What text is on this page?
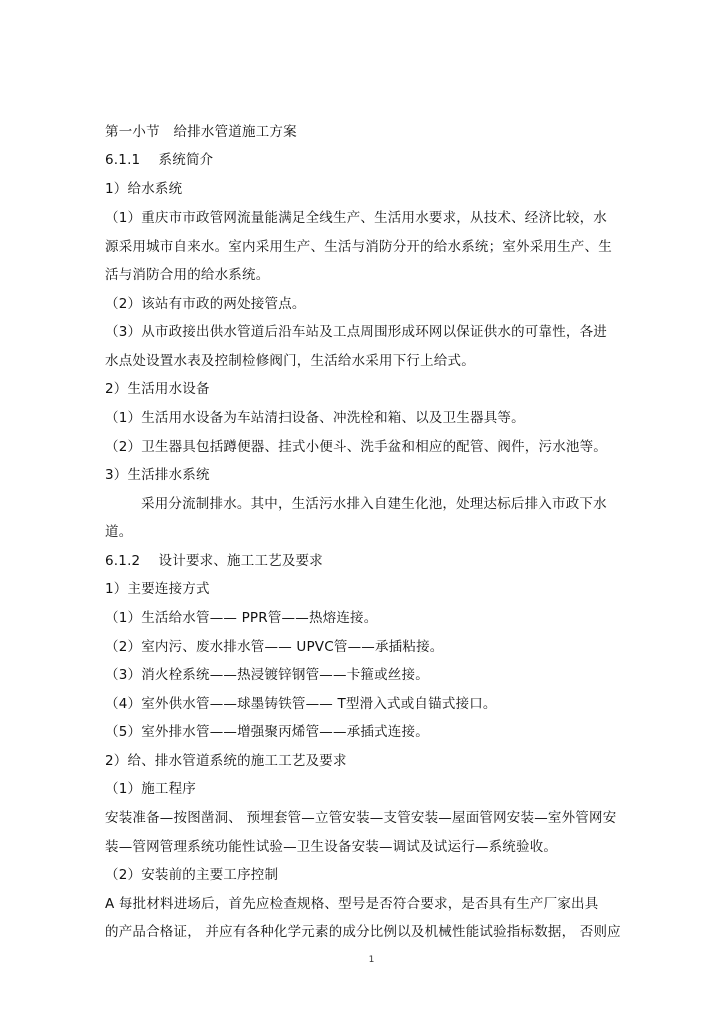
第一小节　给排水管道施工方案

6.1.1　 系统简介

1）给水系统

（1）重庆市市政管网流量能满足全线生产、生活用水要求，从技术、经济比较，水

源采用城市自来水。室内采用生产、生活与消防分开的给水系统；室外采用生产、生

活与消防合用的给水系统。

（2）该站有市政的两处接管点。

（3）从市政接出供水管道后沿车站及工点周围形成环网以保证供水的可靠性，各进

水点处设置水表及控制检修阀门，生活给水采用下行上给式。

2）生活用水设备

（1）生活用水设备为车站清扫设备、冲洗栓和箱、以及卫生器具等。

（2）卫生器具包括蹲便器、挂式小便斗、洗手盆和相应的配管、阀件，污水池等。

3）生活排水系统

采用分流制排水。其中，生活污水排入自建生化池，处理达标后排入市政下水

道。

6.1.2　 设计要求、施工工艺及要求

1）主要连接方式

（1）生活给水管—— PPR管——热熔连接。

（2）室内污、废水排水管—— UPVC管——承插粘接。

（3）消火栓系统——热浸镀锌钢管——卡箍或丝接。

（4）室外供水管——球墨铸铁管—— T型滑入式或自锚式接口。

（5）室外排水管——增强聚丙烯管——承插式连接。

2）给、排水管道系统的施工工艺及要求

（1）施工程序

安装准备—按图凿洞、 预埋套管—立管安装—支管安装—屋面管网安装—室外管网安

装—管网管理系统功能性试验—卫生设备安装—调试及试运行—系统验收。

（2）安装前的主要工序控制

A 每批材料进场后，首先应检查规格、型号是否符合要求，是否具有生产厂家出具

的产品合格证， 并应有各种化学元素的成分比例以及机械性能试验指标数据， 否则应

1
